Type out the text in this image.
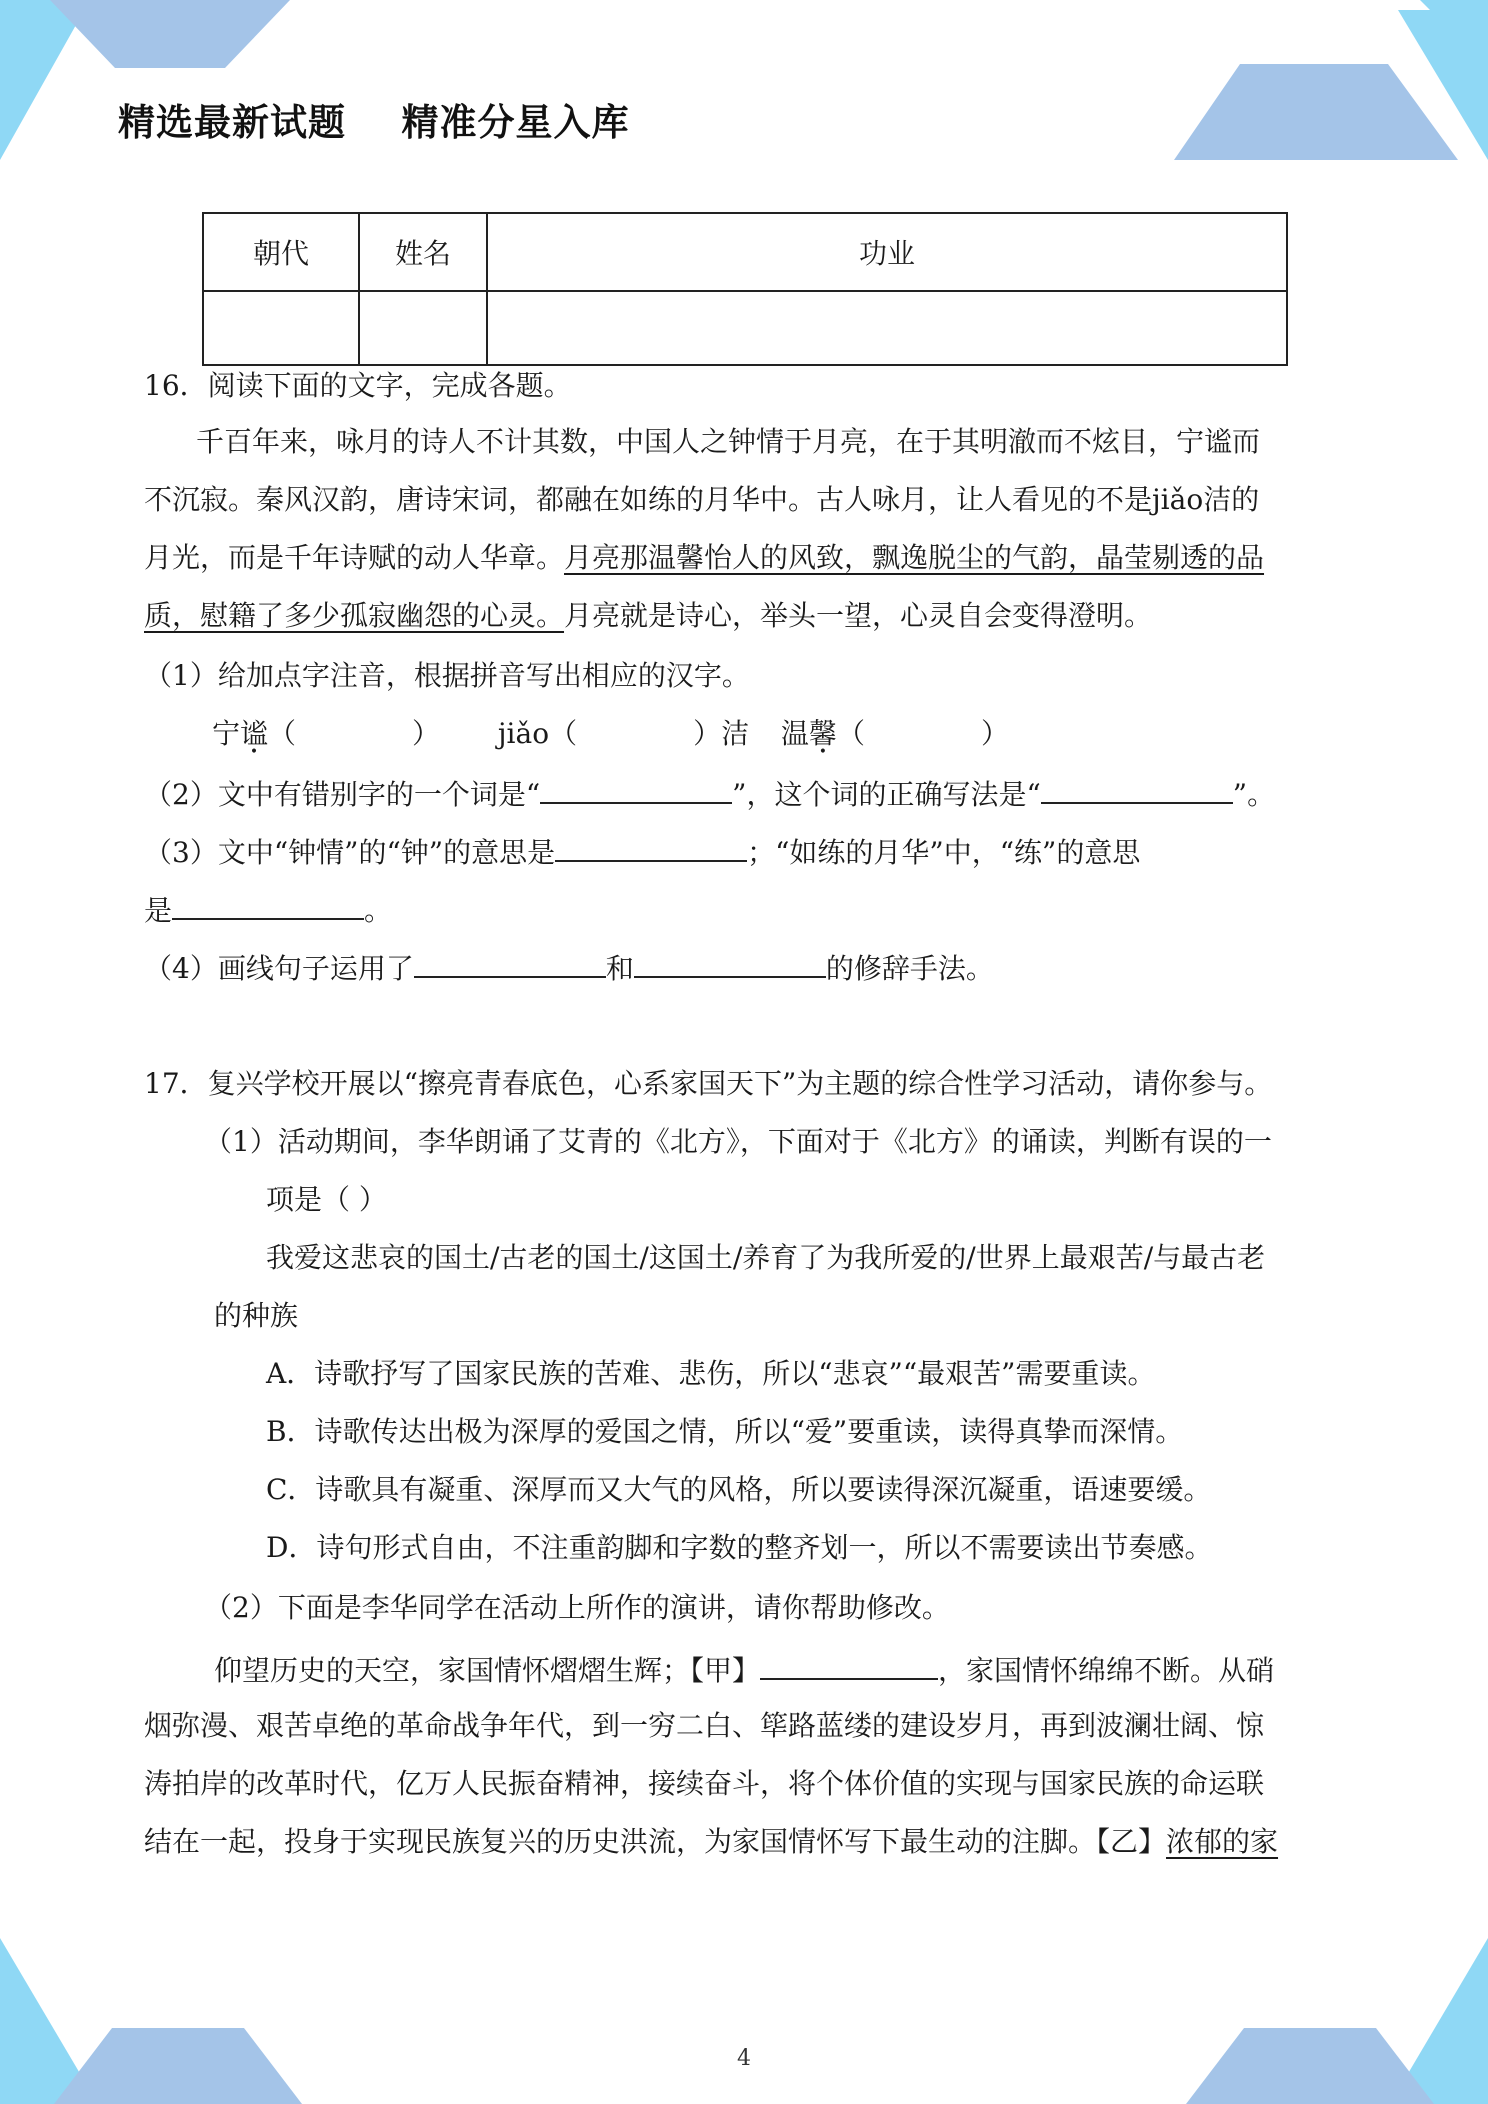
精选最新试题    精准分星入库
朝代	姓名	功业

16．阅读下面的文字，完成各题。
千百年来，咏月的诗人不计其数，中国人之钟情于月亮，在于其明澈而不炫目，宁谧而
不沉寂。秦风汉韵，唐诗宋词，都融在如练的月华中。古人咏月，让人看见的不是jiǎo洁的
月光，而是千年诗赋的动人华章。月亮那温馨怡人的风致，飘逸脱尘的气韵，晶莹剔透的品
质，慰籍了多少孤寂幽怨的心灵。月亮就是诗心，举头一望，心灵自会变得澄明。
（1）给加点字注音，根据拼音写出相应的汉字。
宁谧（	） jiǎo（	）洁 温馨（	）
（2）文中有错别字的一个词是“	”，这个词的正确写法是“	”。
（3）文中“钟情”的“钟”的意思是	；“如练的月华”中，“练”的意思
是	。
（4）画线句子运用了	和	的修辞手法。
17．复兴学校开展以“擦亮青春底色，心系家国天下”为主题的综合性学习活动，请你参与。
（1）活动期间，李华朗诵了艾青的《北方》，下面对于《北方》的诵读，判断有误的一
项是（ ）
我爱这悲哀的国土/古老的国土/这国土/养育了为我所爱的/世界上最艰苦/与最古老
的种族
A．诗歌抒写了国家民族的苦难、悲伤，所以“悲哀”“最艰苦”需要重读。
B．诗歌传达出极为深厚的爱国之情，所以“爱”要重读，读得真挚而深情。
C．诗歌具有凝重、深厚而又大气的风格，所以要读得深沉凝重，语速要缓。
D．诗句形式自由，不注重韵脚和字数的整齐划一，所以不需要读出节奏感。
（2）下面是李华同学在活动上所作的演讲，请你帮助修改。
仰望历史的天空，家国情怀熠熠生辉；【甲】	，家国情怀绵绵不断。从硝
烟弥漫、艰苦卓绝的革命战争年代，到一穷二白、筚路蓝缕的建设岁月，再到波澜壮阔、惊
涛拍岸的改革时代，亿万人民振奋精神，接续奋斗，将个体价值的实现与国家民族的命运联
结在一起，投身于实现民族复兴的历史洪流，为家国情怀写下最生动的注脚。【乙】浓郁的家
4
